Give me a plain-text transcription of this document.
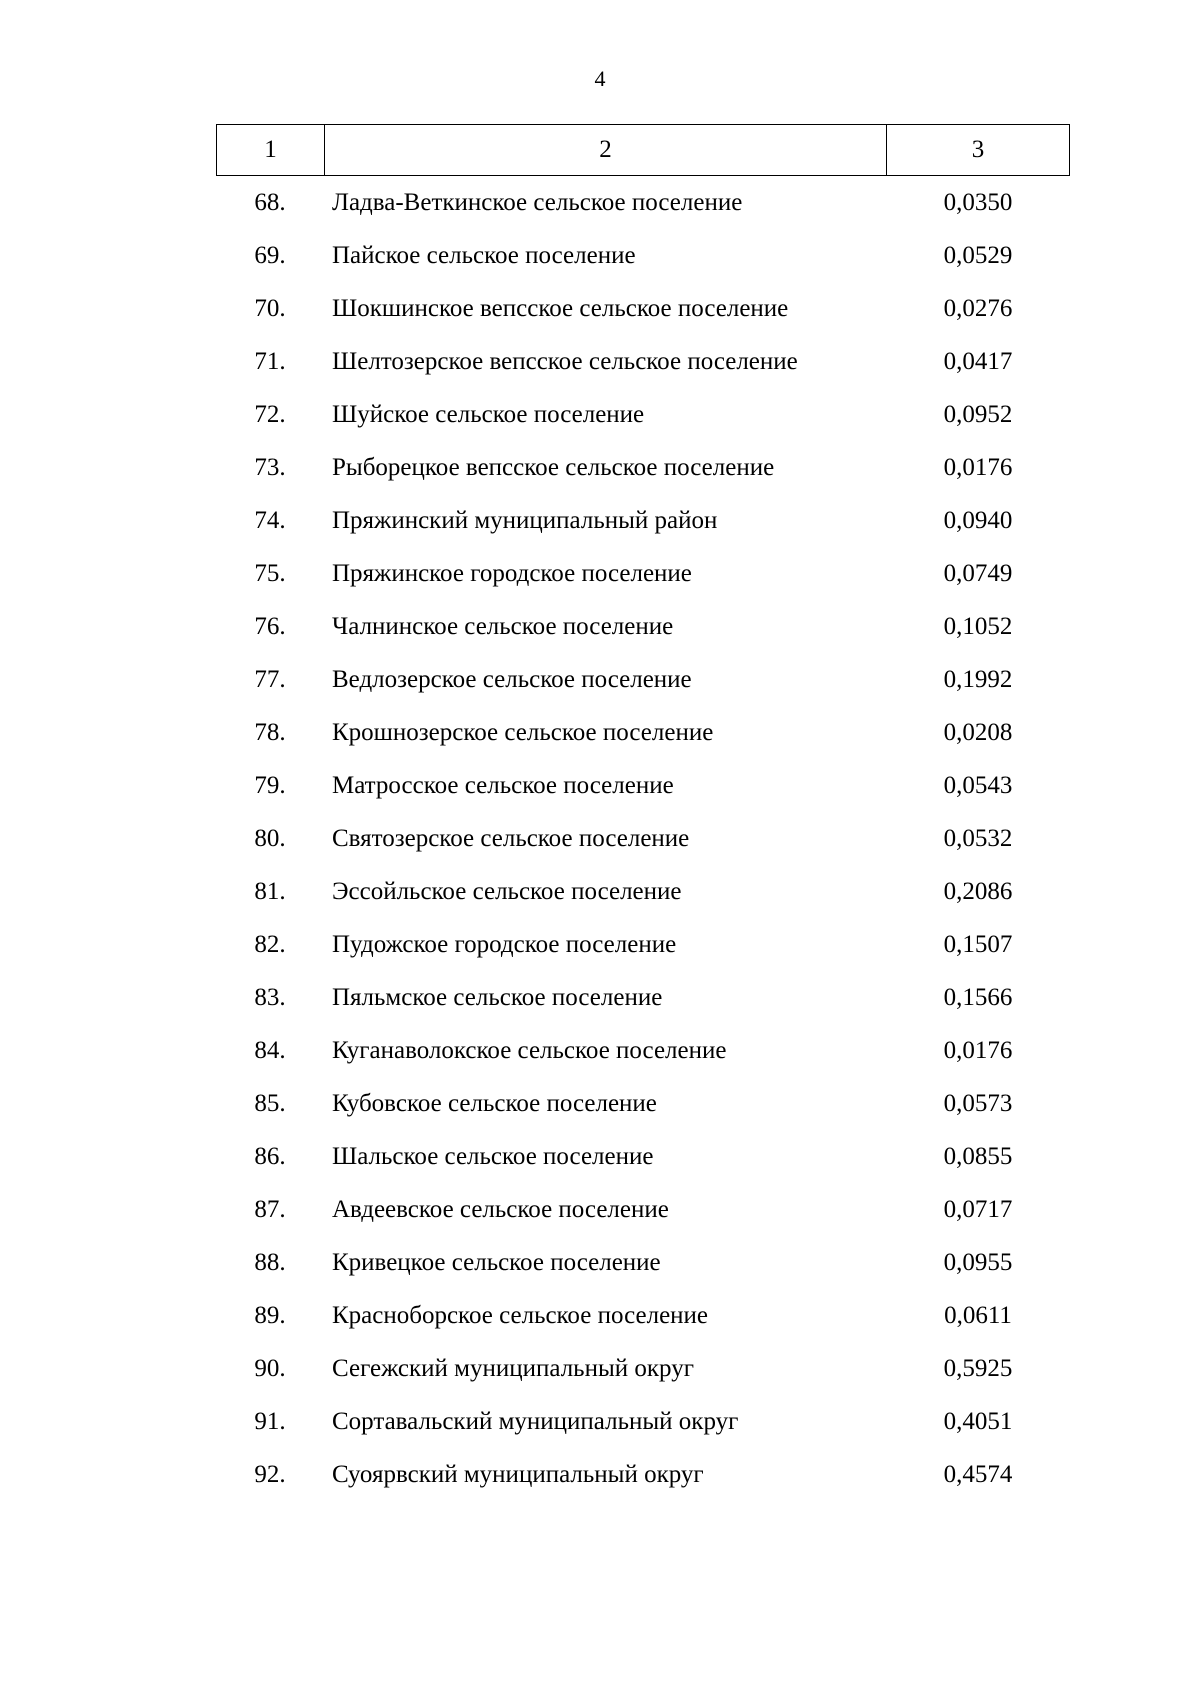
4
1	2	3
68.	Ладва-Веткинское сельское поселение	0,0350
69.	Пайское сельское поселение	0,0529
70.	Шокшинское вепсское сельское поселение	0,0276
71.	Шелтозерское вепсское сельское поселение	0,0417
72.	Шуйское сельское поселение	0,0952
73.	Рыборецкое вепсское сельское поселение	0,0176
74.	Пряжинский муниципальный район	0,0940
75.	Пряжинское городское поселение	0,0749
76.	Чалнинское сельское поселение	0,1052
77.	Ведлозерское сельское поселение	0,1992
78.	Крошнозерское сельское поселение	0,0208
79.	Матросское сельское поселение	0,0543
80.	Святозерское сельское поселение	0,0532
81.	Эссойльское сельское поселение	0,2086
82.	Пудожское городское поселение	0,1507
83.	Пяльмское сельское поселение	0,1566
84.	Куганаволокское сельское поселение	0,0176
85.	Кубовское сельское поселение	0,0573
86.	Шальское сельское поселение	0,0855
87.	Авдеевское сельское поселение	0,0717
88.	Кривецкое сельское поселение	0,0955
89.	Красноборское сельское поселение	0,0611
90.	Сегежский муниципальный округ	0,5925
91.	Сортавальский муниципальный округ	0,4051
92.	Суоярвский муниципальный округ	0,4574
